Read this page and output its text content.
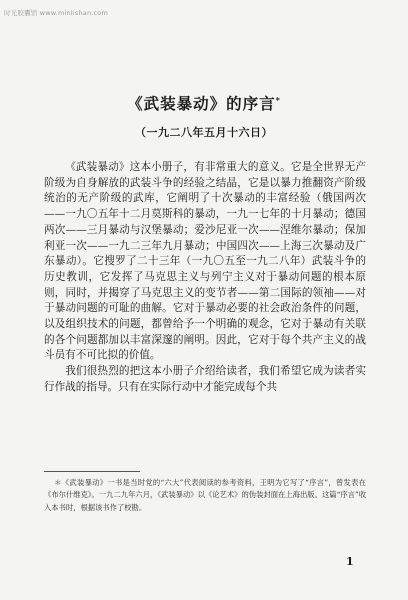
时光胶囊馆 www.minlishan.com
《武装暴动》的序言*
（一九二八年五月十六日）

《武装暴动》这本小册子，有非常重大的意义。它是全世界无产阶级为自身解放的武装斗争的经验之结晶，它是以暴力推翻资产阶级统治的无产阶级的武库，它阐明了十次暴动的丰富经验（俄国两次——一九〇五年十二月莫斯科的暴动，一九一七年的十月暴动；德国两次——三月暴动与汉堡暴动；爱沙尼亚一次——涅维尔暴动；保加利亚一次——一九二三年九月暴动；中国四次——上海三次暴动及广东暴动）。它搜罗了二十三年（一九〇五至一九二八年）武装斗争的历史教训，它发挥了马克思主义与列宁主义对于暴动问题的根本原则，同时，并揭穿了马克思主义的变节者——第二国际的领袖——对于暴动问题的可耻的曲解。它对于暴动必要的社会政治条件的问题，以及组织技术的问题，都曾给予一个明确的观念，它对于暴动有关联的各个问题都加以丰富深邃的阐明。因此，它对于每个共产主义的战斗员有不可比拟的价值。

我们很热烈的把这本小册子介绍给读者，我们希望它成为读者实行作战的指导。只有在实际行动中才能完成每个共

＊《武装暴动》一书是当时党的“六大”代表阅读的参考资料，王明为它写了“序言”，曾发表在《布尔什维克》。一九二九年六月，《武装暴动》以《论艺术》的伪装封面在上海出版。这篇“序言”收入本书时，根据该书作了校勘。

1
